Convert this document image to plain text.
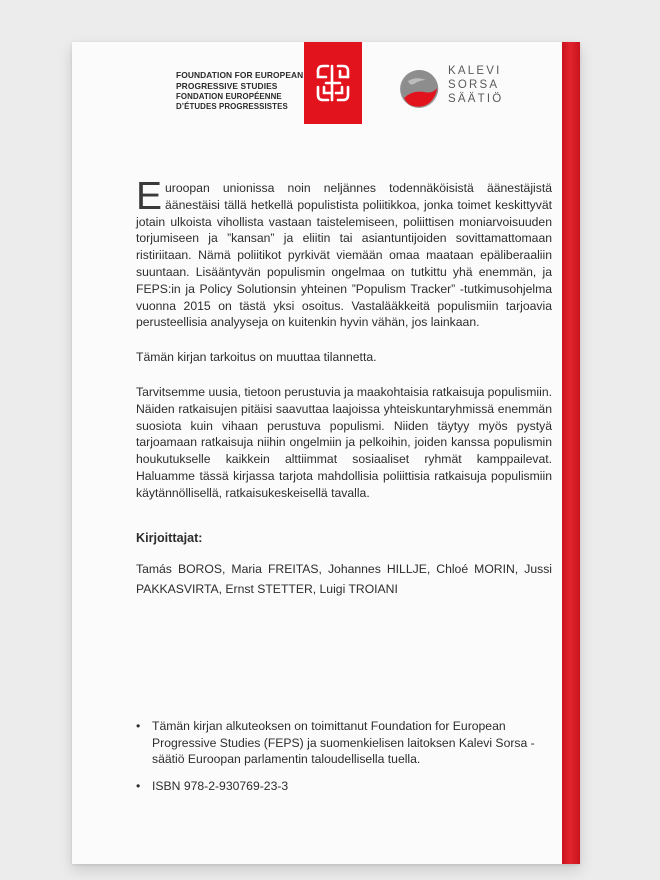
FOUNDATION FOR EUROPEAN
PROGRESSIVE STUDIES
FONDATION EUROPÉENNE
D’ÉTUDES PROGRESSISTES
KALEVI
SORSA
SÄÄTIÖ

Euroopan unionissa noin neljännes todennäköisistä äänestäjistä äänestäisi tällä hetkellä populistista poliitikkoa, jonka toimet keskittyvät jotain ulkoista vihollista vastaan taistelemiseen, poliittisen moniarvoisuuden torjumiseen ja ”kansan” ja eliitin tai asiantuntijoiden sovittamattomaan ristiriitaan. Nämä poliitikot pyrkivät viemään omaa maataan epäliberaaliin suuntaan. Lisääntyvän populismin ongelmaa on tutkittu yhä enemmän, ja FEPS:in ja Policy Solutionsin yhteinen ”Populism Tracker” -tutkimusohjelma vuonna 2015 on tästä yksi osoitus. Vastalääkkeitä populismiin tarjoavia perusteellisia analyyseja on kuitenkin hyvin vähän, jos lainkaan.

Tämän kirjan tarkoitus on muuttaa tilannetta.

Tarvitsemme uusia, tietoon perustuvia ja maakohtaisia ratkaisuja populismiin. Näiden ratkaisujen pitäisi saavuttaa laajoissa yhteiskuntaryhmissä enemmän suosiota kuin vihaan perustuva populismi. Niiden täytyy myös pystyä tarjoamaan ratkaisuja niihin ongelmiin ja pelkoihin, joiden kanssa populismin houkutukselle kaikkein alttiimmat sosiaaliset ryhmät kamppailevat. Haluamme tässä kirjassa tarjota mahdollisia poliittisia ratkaisuja populismiin käytännöllisellä, ratkaisukeskeisellä tavalla.

Kirjoittajat:

Tamás BOROS, Maria FREITAS, Johannes HILLJE, Chloé MORIN, Jussi PAKKASVIRTA, Ernst STETTER, Luigi TROIANI

• Tämän kirjan alkuteoksen on toimittanut Foundation for European Progressive Studies (FEPS) ja suomenkielisen laitoksen Kalevi Sorsa -säätiö Euroopan parlamentin taloudellisella tuella.
• ISBN 978-2-930769-23-3
